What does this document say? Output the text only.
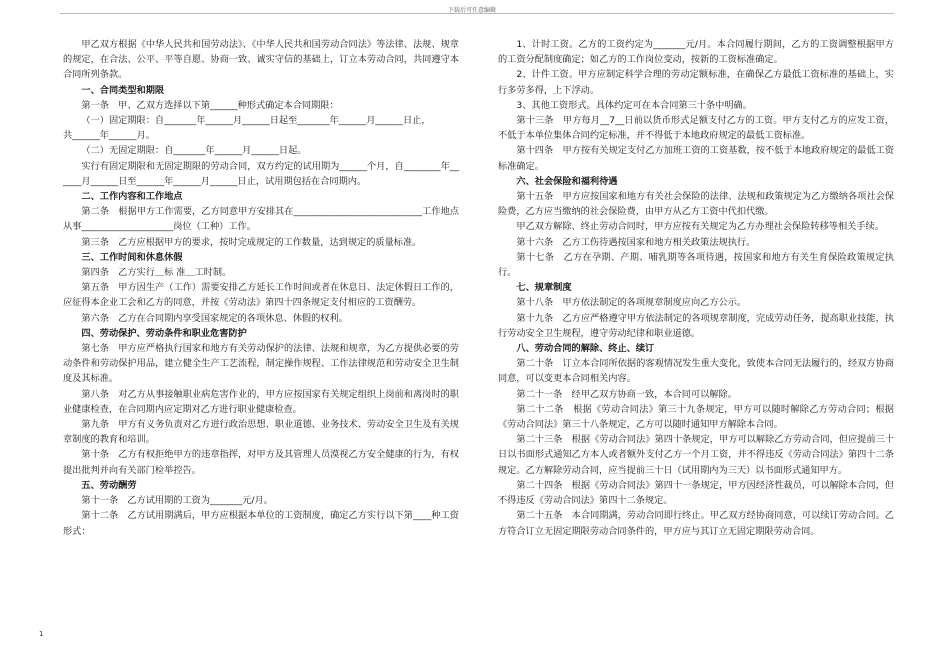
下载后可任意编辑

甲乙双方根据《中华人民共和国劳动法》、《中华人民共和国劳动合同法》等法律、法规、规章的规定，在合法、公平、平等自愿、协商一致、诚实守信的基础上，订立本劳动合同，共同遵守本合同所列条款。

一、合同类型和期限

第一条　甲、乙双方选择以下第______种形式确定本合同期限：

（一）固定期限：自_______年______月______日起至_______年______月______日止，

共______年______月。

（二）无固定期限：自_______年______月______日起。

实行有固定期限和无固定期限的劳动合同，双方约定的试用期为______个月，自________年______月______日至______年______月______日止，试用期包括在合同期内。

二、工作内容和工作地点

第二条　根据甲方工作需要，乙方同意甲方安排其在____________________________工作地点从事____________________岗位（工种）工作。

第三条　乙方应根据甲方的要求，按时完成规定的工作数量，达到规定的质量标准。

三、工作时间和休息休假

第四条　乙方实行＿标 准＿工时制。

第五条　甲方因生产（工作）需要安排乙方延长工作时间或者在休息日、法定休假日工作的，应征得本企业工会和乙方的同意，并按《劳动法》第四十四条规定支付相应的工资酬劳。

第六条　乙方在合同期内享受国家规定的各项休息、休假的权利。

四、劳动保护、劳动条件和职业危害防护

第七条　甲方应严格执行国家和地方有关劳动保护的法律、法规和规章，为乙方提供必要的劳动条件和劳动保护用品，建立健全生产工艺流程，制定操作规程、工作法律规范和劳动安全卫生制度及其标准。

第八条　对乙方从事接触职业病危害作业的，甲方应按国家有关规定组织上岗前和离岗时的职业健康检查，在合同期内应定期对乙方进行职业健康检查。

第九条　甲方有义务负责对乙方进行政治思想、职业道德、业务技术、劳动安全卫生及有关规章制度的教育和培训。

第十条　乙方有权拒绝甲方的违章指挥，对甲方及其管理人员漠视乙方安全健康的行为，有权提出批判并向有关部门检举控告。

五、劳动酬劳

第十一条　乙方试用期的工资为_______元/月。

第十二条　乙方试用期满后，甲方应根据本单位的工资制度，确定乙方实行以下第____种工资形式：

1、计时工资。乙方的工资约定为_______元/月。本合同履行期间，乙方的工资调整根据甲方的工资分配制度确定；如乙方的工作岗位变动，按新的工资标准确定。

2、计件工资。甲方应制定科学合理的劳动定额标准，在确保乙方最低工资标准的基础上，实行多劳多得，上下浮动。

3、其他工资形式。具体约定可在本合同第三十条中明确。

第十三条　甲方每月__7__日前以货币形式足额支付乙方的工资。甲方支付乙方的应发工资，不低于本单位集体合同约定标准，并不得低于本地政府规定的最低工资标准。

第十四条　甲方按有关规定支付乙方加班工资的工资基数，按不低于本地政府规定的最低工资标准确定。

六、社会保险和福利待遇

第十五条　甲方应按国家和地方有关社会保险的法律、法规和政策规定为乙方缴纳各项社会保险费，乙方应当缴纳的社会保险费，由甲方从乙方工资中代扣代缴。

甲乙双方解除、终止劳动合同时，甲方应按有关规定为乙方办理社会保险转移等相关手续。

第十六条　乙方工伤待遇按国家和地方相关政策法规执行。

第十七条　乙方在孕期、产期、哺乳期等各项待遇，按国家和地方有关生育保险政策规定执行。

七、规章制度

第十八条　甲方依法制定的各项规章制度应向乙方公示。

第十九条　乙方应严格遵守甲方依法制定的各项规章制度，完成劳动任务，提高职业技能，执行劳动安全卫生规程，遵守劳动纪律和职业道德。

八、劳动合同的解除、终止、续订

第二十条　订立本合同所依据的客观情况发生重大变化，致使本合同无法履行的，经双方协商同意，可以变更本合同相关内容。

第二十一条　经甲乙双方协商一致，本合同可以解除。

第二十二条　根据《劳动合同法》第三十九条规定，甲方可以随时解除乙方劳动合同；根据《劳动合同法》第三十八条规定，乙方可以随时通知甲方解除本合同。

第二十三条　根据《劳动合同法》第四十条规定，甲方可以解除乙方劳动合同，但应提前三十日以书面形式通知乙方本人或者额外支付乙方一个月工资，并不得违反《劳动合同法》第四十二条规定。乙方解除劳动合同，应当提前三十日（试用期内为三天）以书面形式通知甲方。

第二十四条　根据《劳动合同法》第四十一条规定，甲方因经济性裁员，可以解除本合同，但不得违反《劳动合同法》第四十二条规定。

第二十五条　本合同期满，劳动合同即行终止。甲乙双方经协商同意，可以续订劳动合同。乙方符合订立无固定期限劳动合同条件的，甲方应与其订立无固定期限劳动合同。

1
